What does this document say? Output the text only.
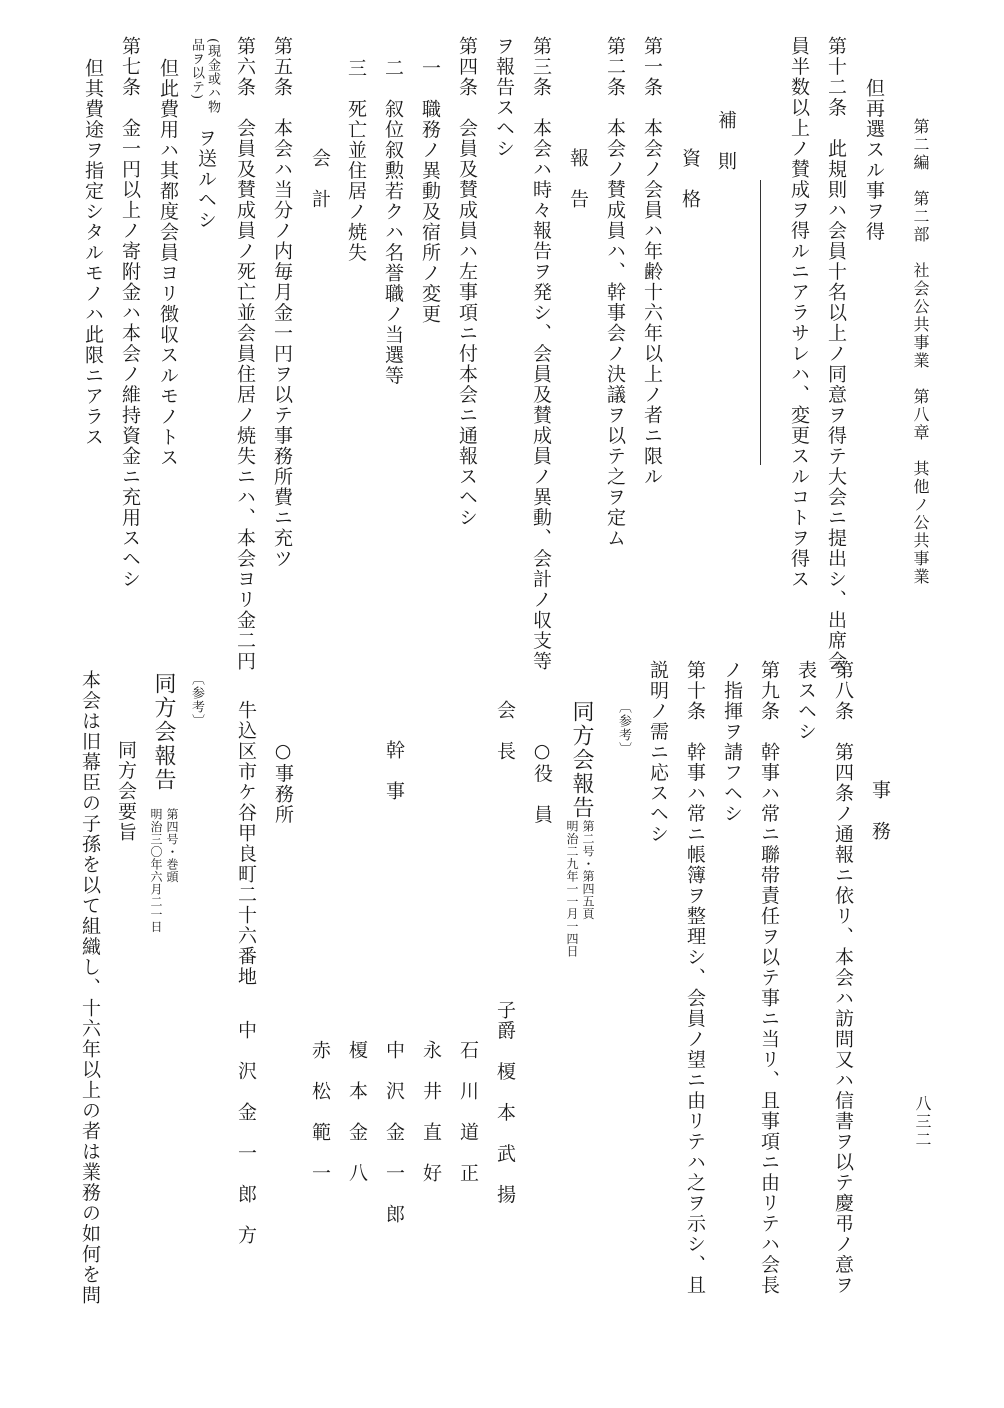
第二編　第二部　社会公共事業　第八章　其他ノ公共事業
八三二
但再選スル事ヲ得
第十二条　此規則ハ会員十名以上ノ同意ヲ得テ大会ニ提出シ、出席会
員半数以上ノ賛成ヲ得ルニアラサレハ、変更スルコトヲ得ス
補　則
資　格
第一条　本会ノ会員ハ年齢十六年以上ノ者ニ限ル
第二条　本会ノ賛成員ハ、幹事会ノ決議ヲ以テ之ヲ定ム
報　告
第三条　本会ハ時々報告ヲ発シ、会員及賛成員ノ異動、会計ノ収支等
ヲ報告スヘシ
第四条　会員及賛成員ハ左事項ニ付本会ニ通報スヘシ
一　職務ノ異動及宿所ノ変更
二　叙位叙勲若クハ名誉職ノ当選等
三　死亡並住居ノ焼失
会　計
第五条　本会ハ当分ノ内毎月金一円ヲ以テ事務所費ニ充ツ
第六条　会員及賛成員ノ死亡並会員住居ノ焼失ニハ、本会ヨリ金二円
(現金或ハ物
品ヲ以テ)
ヲ送ルヘシ
但此費用ハ其都度会員ヨリ徴収スルモノトス
第七条　金一円以上ノ寄附金ハ本会ノ維持資金ニ充用スヘシ
但其費途ヲ指定シタルモノハ此限ニアラス
事　務
第八条　第四条ノ通報ニ依リ、本会ハ訪問又ハ信書ヲ以テ慶弔ノ意ヲ
表スヘシ
第九条　幹事ハ常ニ聯帯責任ヲ以テ事ニ当リ、且事項ニ由リテハ会長
ノ指揮ヲ請フヘシ
第十条　幹事ハ常ニ帳簿ヲ整理シ、会員ノ望ニ由リテハ之ヲ示シ、且
説明ノ需ニ応スヘシ
〔参考〕
同方会報告
第二号・第四五頁
明治二九年一一月一四日
○役　員
会　長
子爵　榎　本　武　揚
石　川　道　正
永　井　直　好
幹　事
中　沢　金　一　郎
榎　本　金　八
赤　松　範　一
○事務所
牛込区市ケ谷甲良町二十六番地
中　沢　金　一　郎　方
〔参考〕
同方会報告
第四号・巻頭
明治三〇年六月二一日
同方会要旨
本会は旧幕臣の子孫を以て組織し、十六年以上の者は業務の如何を問
